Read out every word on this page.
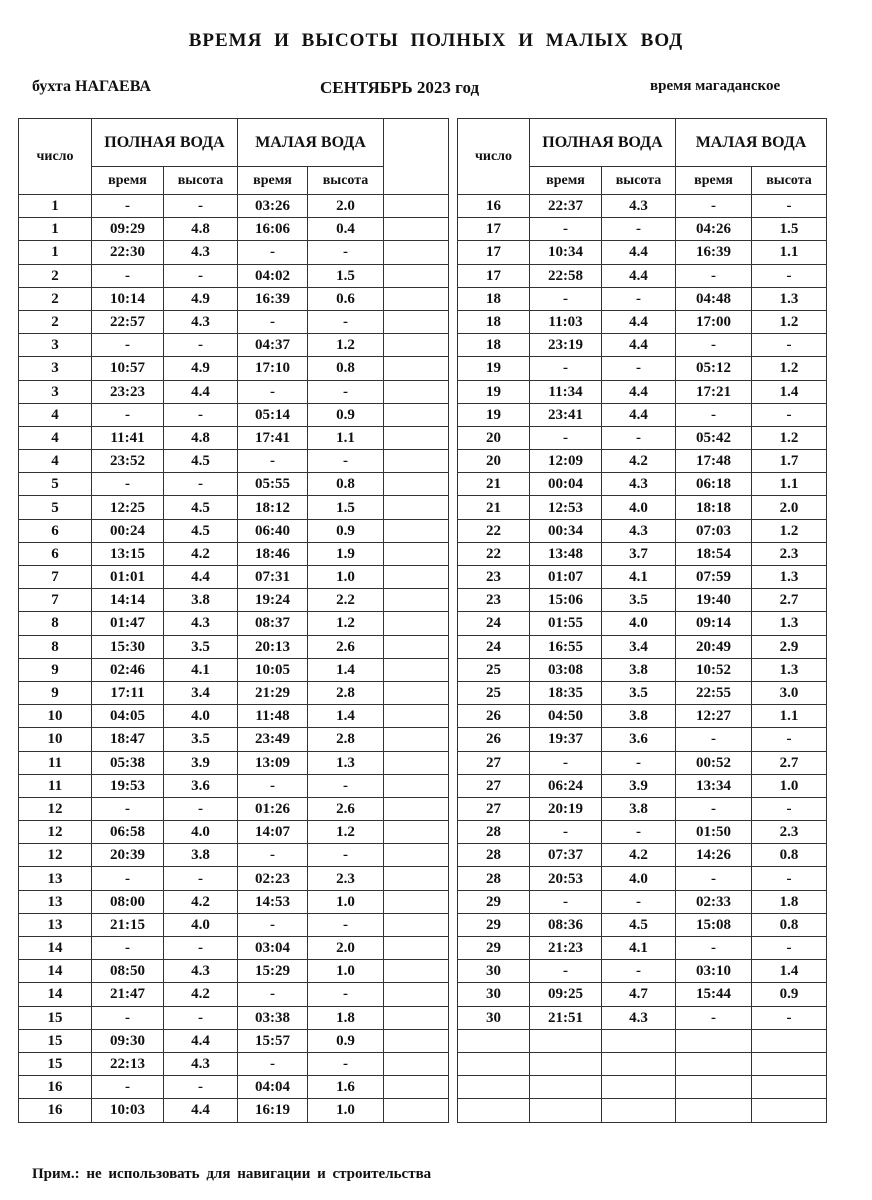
ВРЕМЯ И ВЫСОТЫ ПОЛНЫХ И МАЛЫХ ВОД
бухта НАГАЕВА	СЕНТЯБРЬ 2023 год	время магаданское
число	ПОЛНАЯ ВОДА		МАЛАЯ ВОДА		
	время	высота	время	высота	
1	-	-	03:26	2.0	
1	09:29	4.8	16:06	0.4	
1	22:30	4.3	-	-	
2	-	-	04:02	1.5	
2	10:14	4.9	16:39	0.6	
2	22:57	4.3	-	-	
3	-	-	04:37	1.2	
3	10:57	4.9	17:10	0.8	
3	23:23	4.4	-	-	
4	-	-	05:14	0.9	
4	11:41	4.8	17:41	1.1	
4	23:52	4.5	-	-	
5	-	-	05:55	0.8	
5	12:25	4.5	18:12	1.5	
6	00:24	4.5	06:40	0.9	
6	13:15	4.2	18:46	1.9	
7	01:01	4.4	07:31	1.0	
7	14:14	3.8	19:24	2.2	
8	01:47	4.3	08:37	1.2	
8	15:30	3.5	20:13	2.6	
9	02:46	4.1	10:05	1.4	
9	17:11	3.4	21:29	2.8	
10	04:05	4.0	11:48	1.4	
10	18:47	3.5	23:49	2.8	
11	05:38	3.9	13:09	1.3	
11	19:53	3.6	-	-	
12	-	-	01:26	2.6	
12	06:58	4.0	14:07	1.2	
12	20:39	3.8	-	-	
13	-	-	02:23	2.3	
13	08:00	4.2	14:53	1.0	
13	21:15	4.0	-	-	
14	-	-	03:04	2.0	
14	08:50	4.3	15:29	1.0	
14	21:47	4.2	-	-	
15	-	-	03:38	1.8	
15	09:30	4.4	15:57	0.9	
15	22:13	4.3	-	-	
16	-	-	04:04	1.6	
16	10:03	4.4	16:19	1.0	
число	ПОЛНАЯ ВОДА		МАЛАЯ ВОДА	
	время	высота	время	высота
16	22:37	4.3	-	-
17	-	-	04:26	1.5
17	10:34	4.4	16:39	1.1
17	22:58	4.4	-	-
18	-	-	04:48	1.3
18	11:03	4.4	17:00	1.2
18	23:19	4.4	-	-
19	-	-	05:12	1.2
19	11:34	4.4	17:21	1.4
19	23:41	4.4	-	-
20	-	-	05:42	1.2
20	12:09	4.2	17:48	1.7
21	00:04	4.3	06:18	1.1
21	12:53	4.0	18:18	2.0
22	00:34	4.3	07:03	1.2
22	13:48	3.7	18:54	2.3
23	01:07	4.1	07:59	1.3
23	15:06	3.5	19:40	2.7
24	01:55	4.0	09:14	1.3
24	16:55	3.4	20:49	2.9
25	03:08	3.8	10:52	1.3
25	18:35	3.5	22:55	3.0
26	04:50	3.8	12:27	1.1
26	19:37	3.6	-	-
27	-	-	00:52	2.7
27	06:24	3.9	13:34	1.0
27	20:19	3.8	-	-
28	-	-	01:50	2.3
28	07:37	4.2	14:26	0.8
28	20:53	4.0	-	-
29	-	-	02:33	1.8
29	08:36	4.5	15:08	0.8
29	21:23	4.1	-	-
30	-	-	03:10	1.4
30	09:25	4.7	15:44	0.9
30	21:51	4.3	-	-

Прим.: не использовать для навигации и строительства
